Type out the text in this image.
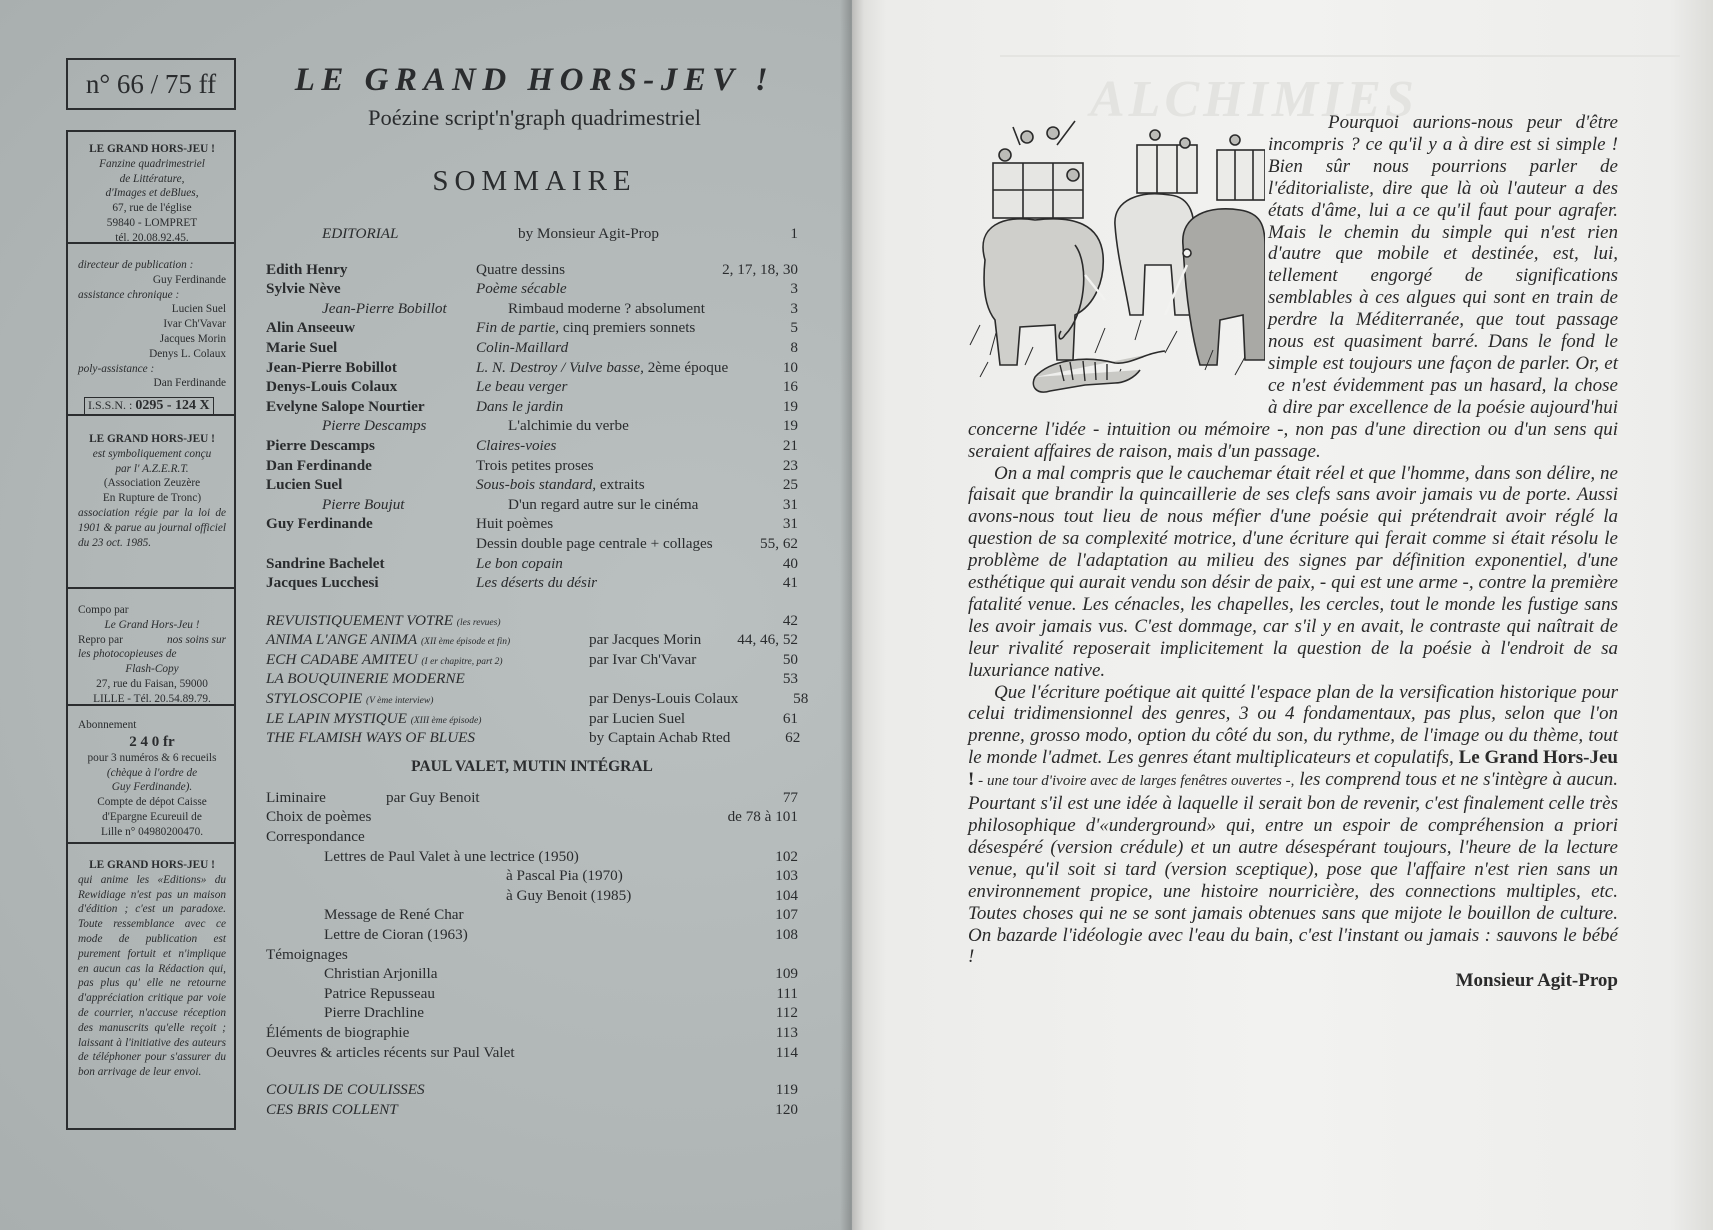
n° 66 / 75 ff
LE GRAND HORS-JEU !
Fanzine quadrimestriel
de Littérature,
d'Images et deBlues,
67, rue de l'église
59840 - LOMPRET
tél. 20.08.92.45.
directeur de publication :
Guy Ferdinande
assistance chronique :
Lucien Suel
Ivar Ch'Vavar
Jacques Morin
Denys L. Colaux
poly-assistance :
Dan Ferdinande
I.S.S.N. : 0295 - 124 X
LE GRAND HORS-JEU !
est symboliquement conçu
par l' A.Z.E.R.T.
(Association Zeuzère
En Rupture de Tronc)
association régie par la loi de 1901 & parue au journal officiel du 23 oct. 1985.
Compo par
Le Grand Hors-Jeu !
Repro par	nos soins sur
les photocopieuses de
Flash-Copy
27, rue du Faisan, 59000
LILLE - Tél. 20.54.89.79.
Abonnement
2 4 0 fr
pour 3 numéros & 6 recueils
(chèque à l'ordre de
Guy Ferdinande).
Compte de dépot Caisse
d'Epargne Ecureuil de
Lille n° 04980200470.
LE GRAND HORS-JEU !
qui anime les «Editions» du Rewidiage n'est pas un maison d'édition ; c'est un paradoxe. Toute ressemblance avec ce mode de publication est purement fortuit et n'implique en aucun cas la Rédaction qui, pas plus qu' elle ne retourne d'appréciation critique par voie de courrier, n'accuse réception des manuscrits qu'elle reçoit ; laissant à l'initiative des auteurs de téléphoner pour s'assurer du bon arrivage de leur envoi.
LE GRAND HORS-JEV !
Poézine script'n'graph quadrimestriel
SOMMAIRE
EDITORIAL	by Monsieur Agit-Prop	1
Edith Henry	Quatre dessins	2, 17, 18, 30
Sylvie Nève	Poème sécable	3
Jean-Pierre Bobillot	Rimbaud moderne ? absolument	3
Alin Anseeuw	Fin de partie, cinq premiers sonnets	5
Marie Suel	Colin-Maillard	8
Jean-Pierre Bobillot	L. N. Destroy / Vulve basse, 2ème époque	10
Denys-Louis Colaux	Le beau verger	16
Evelyne Salope Nourtier	Dans le jardin	19
Pierre Descamps	L'alchimie du verbe	19
Pierre Descamps	Claires-voies	21
Dan Ferdinande	Trois petites proses	23
Lucien Suel	Sous-bois standard, extraits	25
Pierre Boujut	D'un regard autre sur le cinéma	31
Guy Ferdinande	Huit poèmes	31
Dessin double page centrale + collages	55, 62
Sandrine Bachelet	Le bon copain	40
Jacques Lucchesi	Les déserts du désir	41
REVUISTIQUEMENT VOTRE (les revues)	42
ANIMA L'ANGE ANIMA (XII ème épisode et fin)	par Jacques Morin	44, 46, 52
ECH CADABE AMITEU (I er chapitre, part 2)	par Ivar Ch'Vavar	50
LA BOUQUINERIE MODERNE	53
STYLOSCOPIE (V ème interview)	par Denys-Louis Colaux	58
LE LAPIN MYSTIQUE (XIII ème épisode)	par Lucien Suel	61
THE FLAMISH WAYS OF BLUES	by Captain Achab Rted	62
PAUL VALET, MUTIN INTÉGRAL
Liminaire	par Guy Benoit	77
Choix de poèmes	de 78 à 101
Correspondance
Lettres de Paul Valet à une lectrice (1950)	102
à Pascal Pia (1970)	103
à Guy Benoit (1985)	104
Message de René Char	107
Lettre de Cioran (1963)	108
Témoignages
Christian Arjonilla	109
Patrice Repusseau	111
Pierre Drachline	112
Éléments de biographie	113
Oeuvres & articles récents sur Paul Valet	114
COULIS DE COULISSES	119
CES BRIS COLLENT	120
ALCHIMIES

Pourquoi aurions-nous peur d'être incompris ? ce qu'il y a à dire est si simple ! Bien sûr nous pourrions parler de l'éditorialiste, dire que là où l'auteur a des états d'âme, lui a ce qu'il faut pour agrafer. Mais le chemin du simple qui n'est rien d'autre que mobile et destinée, est, lui, tellement engorgé de significations semblables à ces algues qui sont en train de perdre la Méditerranée, que tout passage nous est quasiment barré. Dans le fond le simple est toujours une façon de parler. Or, et ce n'est évidemment pas un hasard, la chose à dire par excellence de la poésie aujourd'hui concerne l'idée - intuition ou mémoire -, non pas d'une direction ou d'un sens qui seraient affaires de raison, mais d'un passage.

On a mal compris que le cauchemar était réel et que l'homme, dans son délire, ne faisait que brandir la quincaillerie de ses clefs sans avoir jamais vu de porte. Aussi avons-nous tout lieu de nous méfier d'une poésie qui prétendrait avoir réglé la question de sa complexité motrice, d'une écriture qui ferait comme si était résolu le problème de l'adaptation au milieu des signes par définition exponentiel, d'une esthétique qui aurait vendu son désir de paix, - qui est une arme -, contre la première fatalité venue. Les cénacles, les chapelles, les cercles, tout le monde les fustige sans les avoir jamais vus. C'est dommage, car s'il y en avait, le contraste qui naîtrait de leur rivalité reposerait implicitement la question de la poésie à l'endroit de sa luxuriance native.

Que l'écriture poétique ait quitté l'espace plan de la versification historique pour celui tridimensionnel des genres, 3 ou 4 fondamentaux, pas plus, selon que l'on prenne, grosso modo, option du côté du son, du rythme, de l'image ou du thème, tout le monde l'admet. Les genres étant multiplicateurs et copulatifs, Le Grand Hors-Jeu ! - une tour d'ivoire avec de larges fenêtres ouvertes -, les comprend tous et ne s'intègre à aucun. Pourtant s'il est une idée à laquelle il serait bon de revenir, c'est finalement celle très philosophique d'«underground» qui, entre un espoir de compréhension a priori désespéré (version crédule) et un autre désespérant toujours, l'heure de la lecture venue, qu'il soit si tard (version sceptique), pose que l'affaire n'est rien sans un environnement propice, une histoire nourricière, des connections multiples, etc. Toutes choses qui ne se sont jamais obtenues sans que mijote le bouillon de culture. On bazarde l'idéologie avec l'eau du bain, c'est l'instant ou jamais : sauvons le bébé !

Monsieur Agit-Prop
